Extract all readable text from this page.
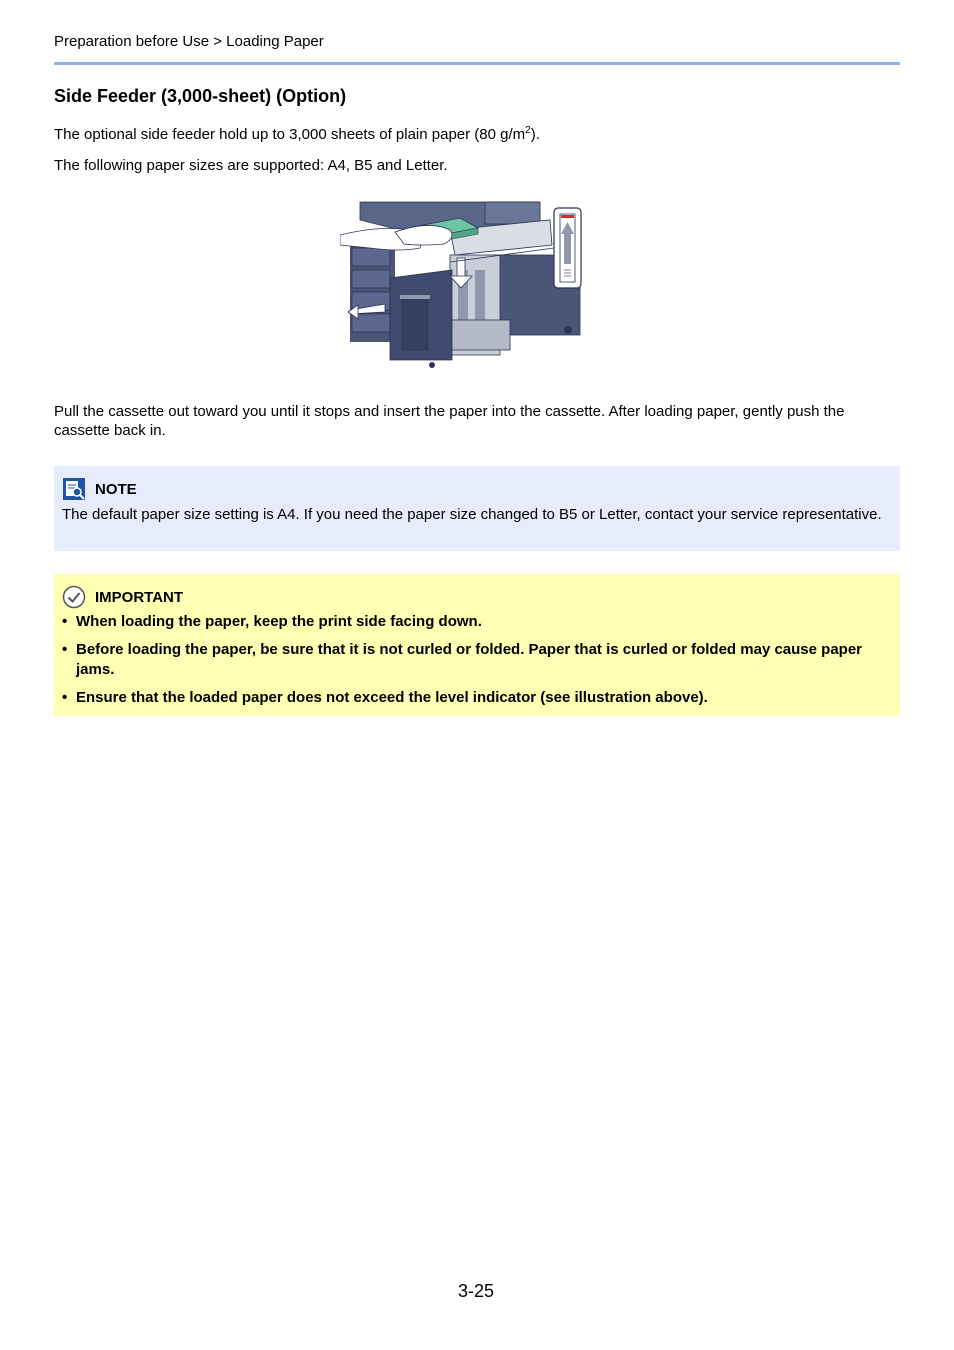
Preparation before Use > Loading Paper
Side Feeder (3,000-sheet) (Option)

The optional side feeder hold up to 3,000 sheets of plain paper (80 $g/m^2$).

The following paper sizes are supported: A4, B5 and Letter.

Pull the cassette out toward you until it stops and insert the paper into the cassette. After loading paper, gently push the cassette back in.

NOTE

The default paper size setting is A4. If you need the paper size changed to B5 or Letter, contact your service representative.

IMPORTANT
• When loading the paper, keep the print side facing down.
• Before loading the paper, be sure that it is not curled or folded. Paper that is curled or folded may cause paper jams.
• Ensure that the loaded paper does not exceed the level indicator (see illustration above).
3-25
